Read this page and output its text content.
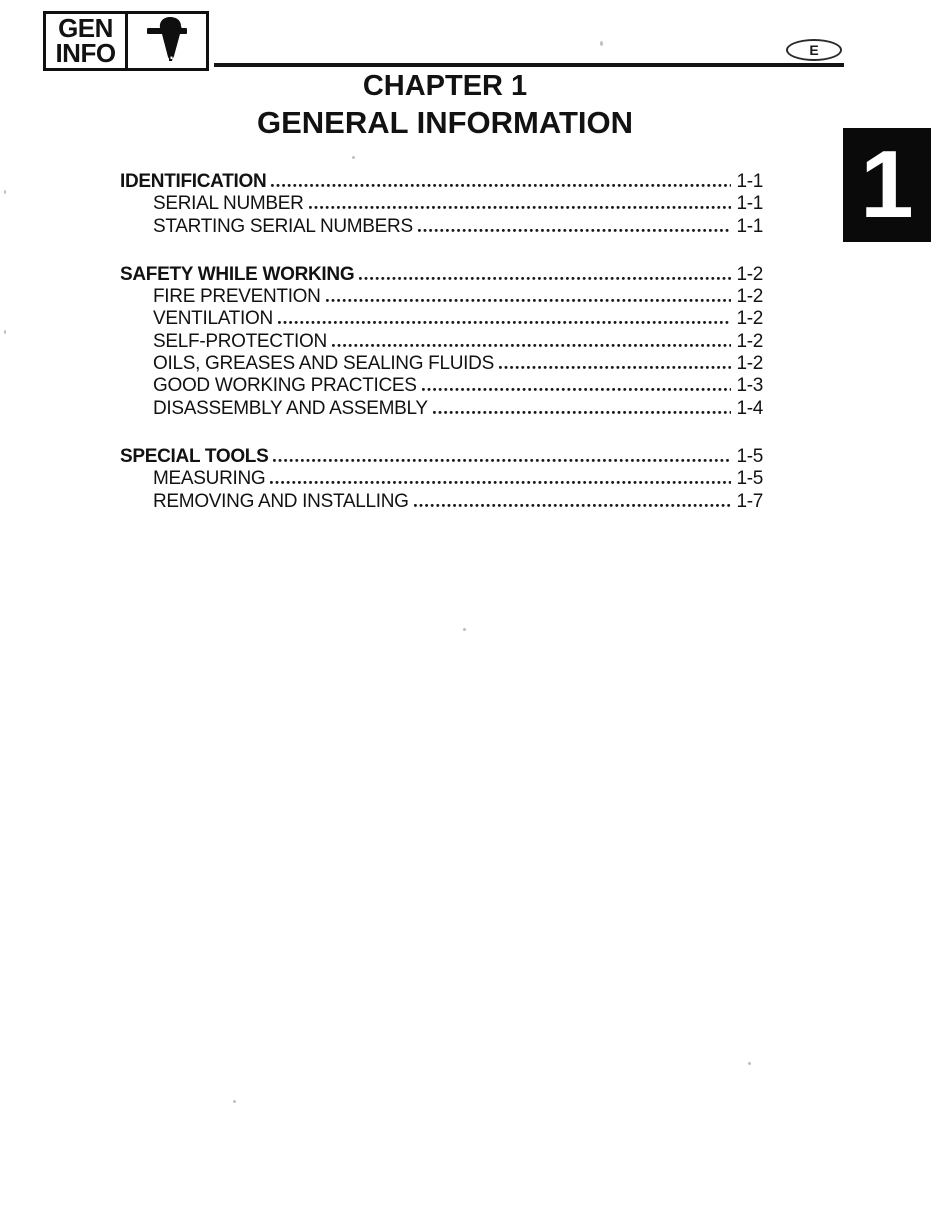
GEN
INFO	E
CHAPTER 1
GENERAL INFORMATION
1
IDENTIFICATION	1-1
SERIAL NUMBER	1-1
STARTING SERIAL NUMBERS	1-1
SAFETY WHILE WORKING	1-2
FIRE PREVENTION	1-2
VENTILATION	1-2
SELF-PROTECTION	1-2
OILS, GREASES AND SEALING FLUIDS	1-2
GOOD WORKING PRACTICES	1-3
DISASSEMBLY AND ASSEMBLY	1-4
SPECIAL TOOLS	1-5
MEASURING	1-5
REMOVING AND INSTALLING	1-7
